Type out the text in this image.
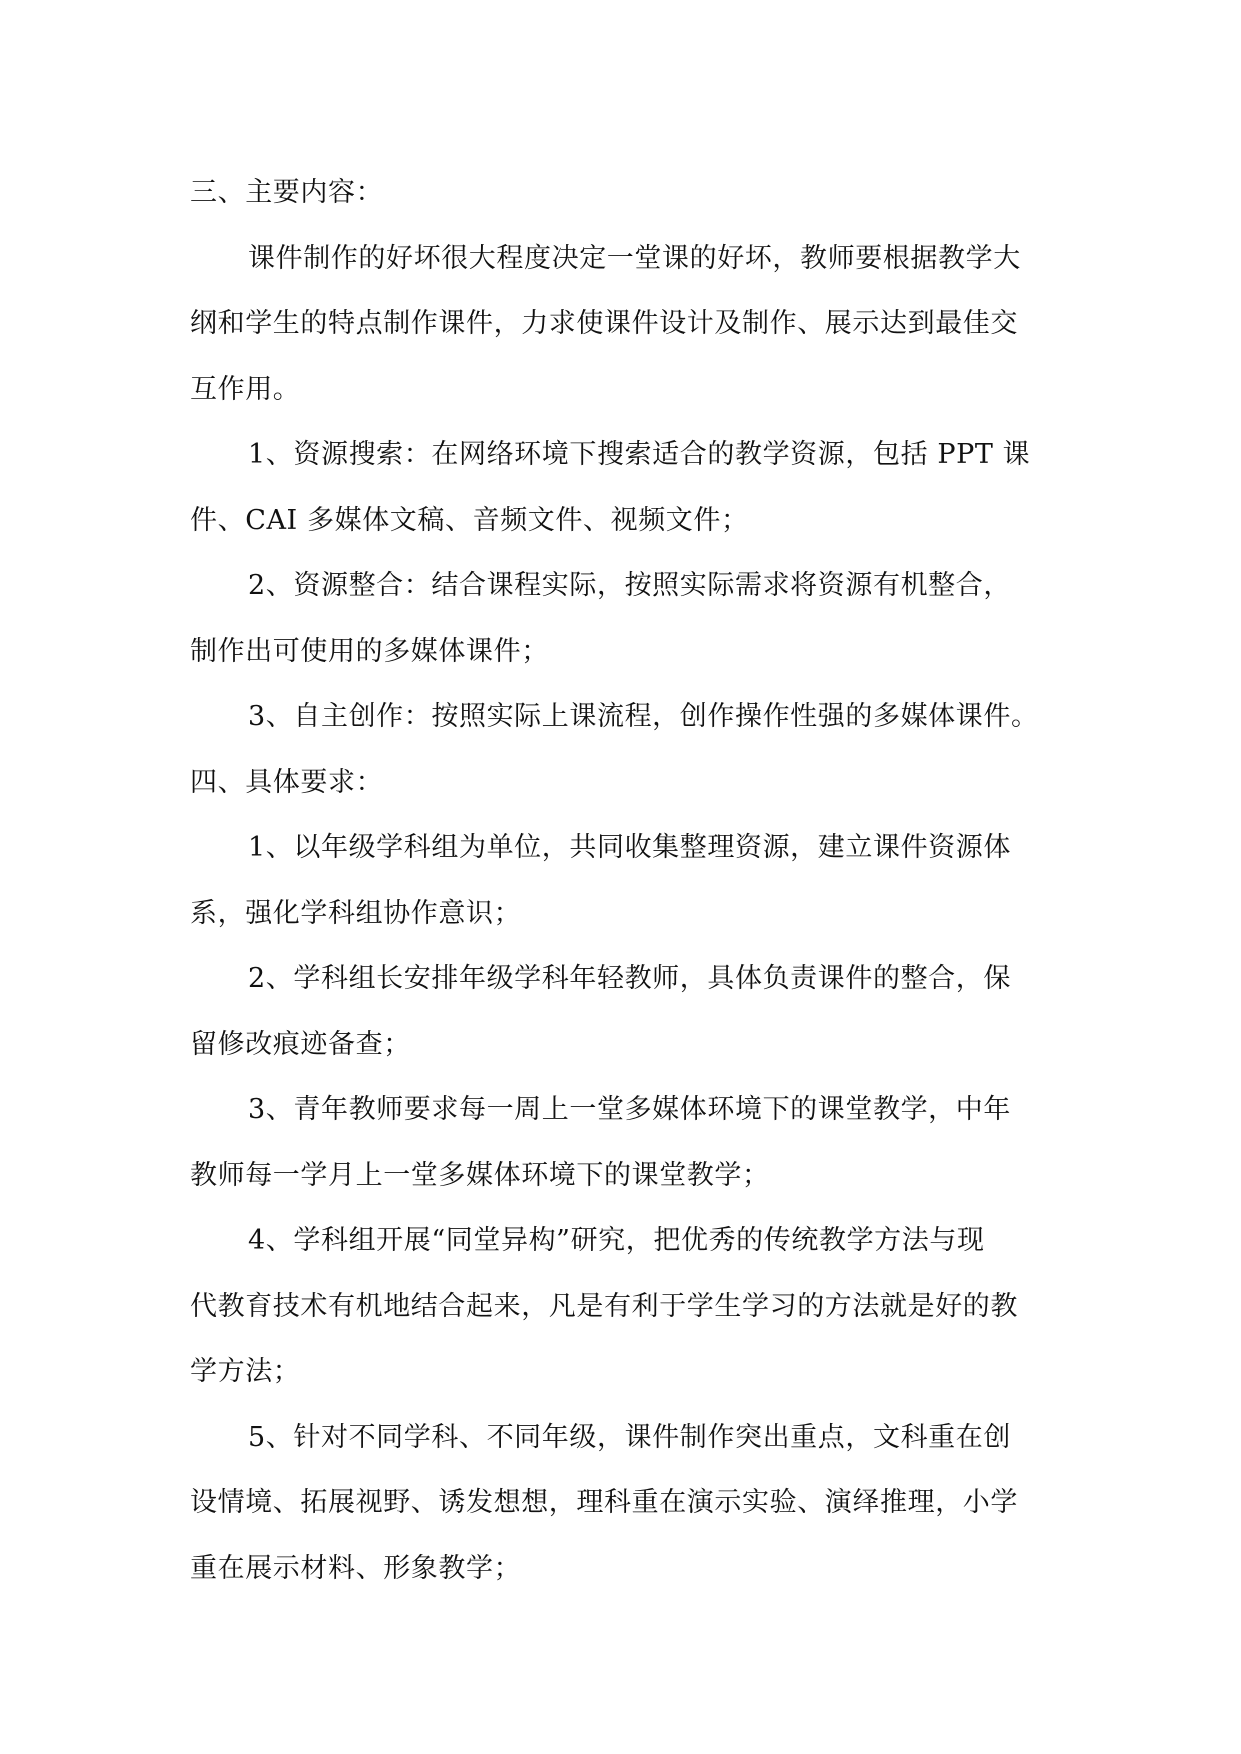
三、主要内容：

课件制作的好坏很大程度决定一堂课的好坏，教师要根据教学大
纲和学生的特点制作课件，力求使课件设计及制作、展示达到最佳交
互作用。

1、资源搜索：在网络环境下搜索适合的教学资源，包括 PPT 课
件、CAI 多媒体文稿、音频文件、视频文件；

2、资源整合：结合课程实际，按照实际需求将资源有机整合，
制作出可使用的多媒体课件；

3、自主创作：按照实际上课流程，创作操作性强的多媒体课件。

四、具体要求：

1、以年级学科组为单位，共同收集整理资源，建立课件资源体
系，强化学科组协作意识；

2、学科组长安排年级学科年轻教师，具体负责课件的整合，保
留修改痕迹备查；

3、青年教师要求每一周上一堂多媒体环境下的课堂教学，中年
教师每一学月上一堂多媒体环境下的课堂教学；

4、学科组开展“同堂异构”研究，把优秀的传统教学方法与现
代教育技术有机地结合起来，凡是有利于学生学习的方法就是好的教
学方法；

5、针对不同学科、不同年级，课件制作突出重点，文科重在创
设情境、拓展视野、诱发想想，理科重在演示实验、演绎推理，小学
重在展示材料、形象教学；
